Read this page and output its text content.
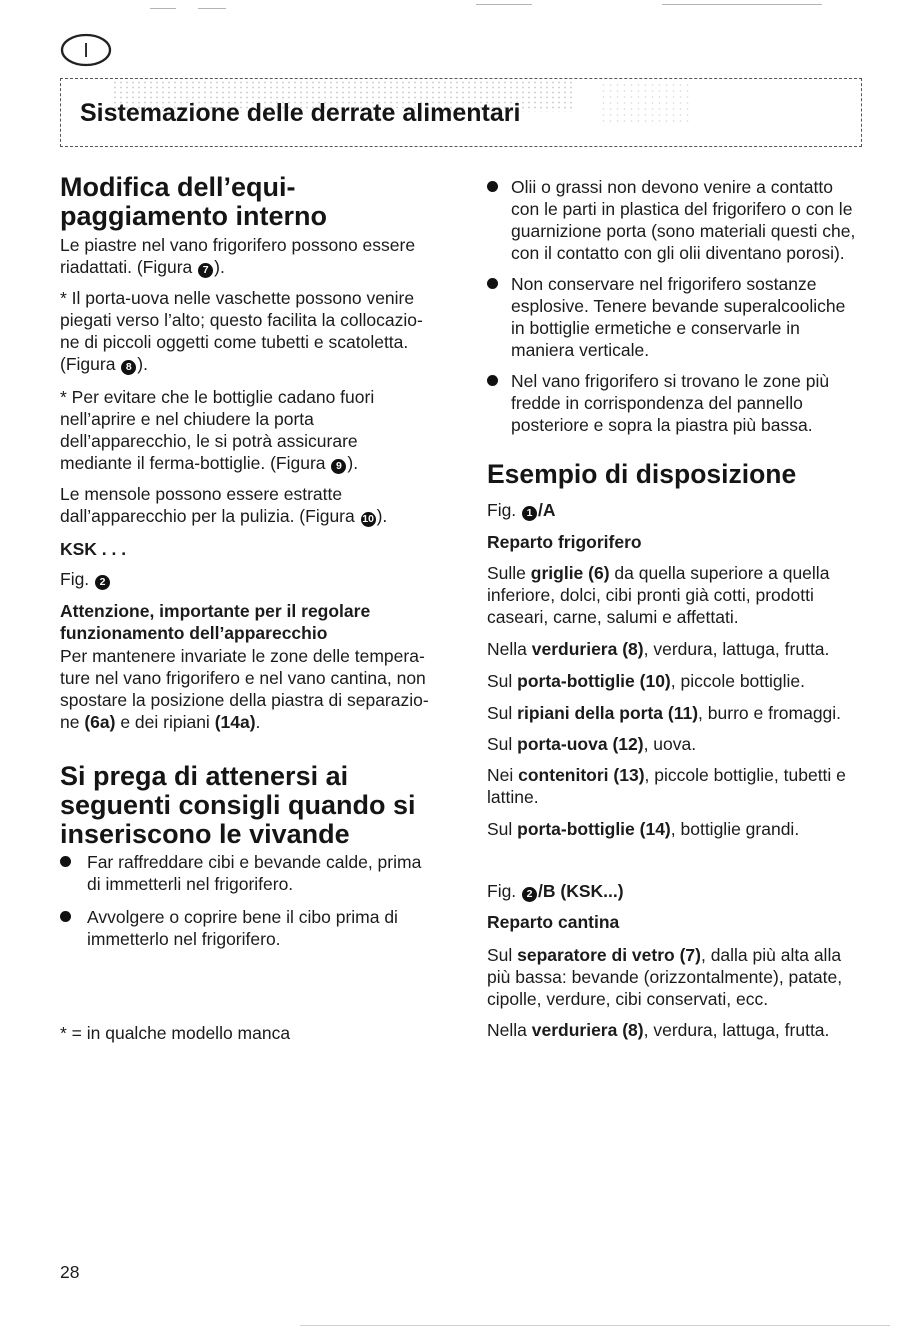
I
Sistemazione delle derrate alimentari
Modifica dell’equi-
paggiamento interno
Le piastre nel vano frigorifero possono essere
riadattati. (Figura 7 ).
* Il porta-uova nelle vaschette possono venire
piegati verso l’alto; questo facilita la collocazio-
ne di piccoli oggetti come tubetti e scatoletta.
(Figura 8 ).
* Per evitare che le bottiglie cadano fuori
nell’aprire e nel chiudere la porta
dell’apparecchio, le si potrà assicurare
mediante il ferma-bottiglie. (Figura 9 ).
Le mensole possono essere estratte
dall’apparecchio per la pulizia. (Figura 10 ).
KSK . . .
Fig. 2
Attenzione, importante per il regolare
funzionamento dell’apparecchio
Per mantenere invariate le zone delle tempera-
ture nel vano frigorifero e nel vano cantina, non
spostare la posizione della piastra di separazio-
ne (6a) e dei ripiani (14a).
Si prega di attenersi ai
seguenti consigli quando si
inseriscono le vivande
Far raffreddare cibi e bevande calde, prima
di immetterli nel frigorifero.
Avvolgere o coprire bene il cibo prima di
immetterlo nel frigorifero.
* = in qualche modello manca
Olii o grassi non devono venire a contatto
con le parti in plastica del frigorifero o con le
guarnizione porta (sono materiali questi che,
con il contatto con gli olii diventano porosi).
Non conservare nel frigorifero sostanze
esplosive. Tenere bevande superalcooliche
in bottiglie ermetiche e conservarle in
maniera verticale.
Nel vano frigorifero si trovano le zone più
fredde in corrispondenza del pannello
posteriore e sopra la piastra più bassa.
Esempio di disposizione
Fig. 1 /A
Reparto frigorifero
Sulle griglie (6) da quella superiore a quella
inferiore, dolci, cibi pronti già cotti, prodotti
caseari, carne, salumi e affettati.
Nella verduriera (8), verdura, lattuga, frutta.
Sul porta-bottiglie (10), piccole bottiglie.
Sul ripiani della porta (11), burro e fromaggi.
Sul porta-uova (12), uova.
Nei contenitori (13), piccole bottiglie, tubetti e
lattine.
Sul porta-bottiglie (14), bottiglie grandi.
Fig. 2 /B (KSK...)
Reparto cantina
Sul separatore di vetro (7), dalla più alta alla
più bassa: bevande (orizzontalmente), patate,
cipolle, verdure, cibi conservati, ecc.
Nella verduriera (8), verdura, lattuga, frutta.
28
